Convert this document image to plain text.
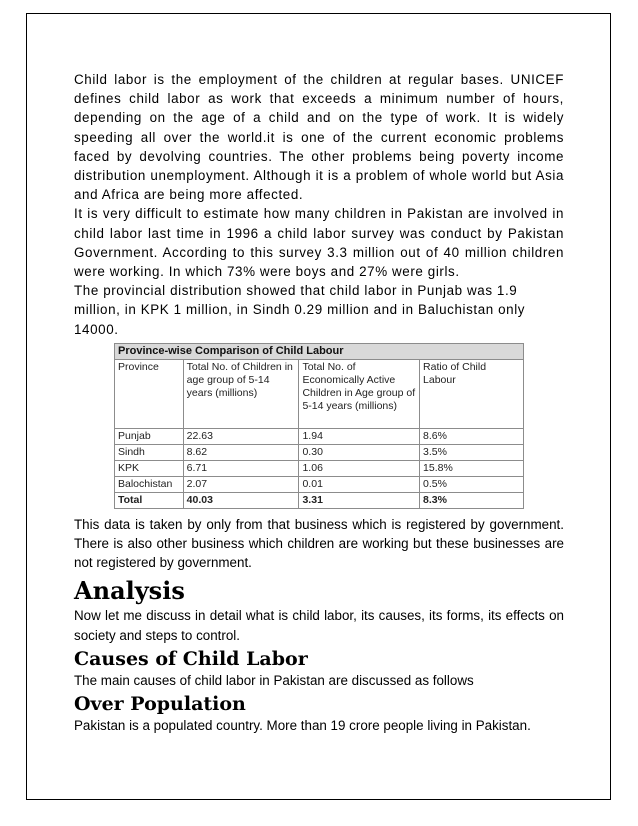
Child labor is the employment of the children at regular bases. UNICEF defines child labor as work that exceeds a minimum number of hours, depending on the age of a child and on the type of work. It is widely speeding all over the world.it is one of the current economic problems faced by devolving countries. The other problems being poverty income distribution unemployment. Although it is a problem of whole world but Asia and Africa are being more affected.

It is very difficult to estimate how many children in Pakistan are involved in child labor last time in 1996 a child labor survey was conduct by Pakistan Government. According to this survey 3.3 million out of 40 million children were working. In which 73% were boys and 27% were girls.

The provincial distribution showed that child labor in Punjab was 1.9 million, in KPK 1 million, in Sindh 0.29 million and in Baluchistan only
14000.

Province-wise Comparison of Child Labour			
Province	Total No. of Children in age group of 5-14 years (millions)	Total No. of Economically Active Children in Age group of 5-14 years (millions)	Ratio of Child Labour
Punjab	22.63	1.94	8.6%
Sindh	8.62	0.30	3.5%
KPK	6.71	1.06	15.8%
Balochistan	2.07	0.01	0.5%
Total	40.03	3.31	8.3%

This data is taken by only from that business which is registered by government. There is also other business which children are working but these businesses are not registered by government.

Analysis

Now let me discuss in detail what is child labor, its causes, its forms, its effects on society and steps to control.

Causes of Child Labor

The main causes of child labor in Pakistan are discussed as follows

Over Population

Pakistan is a populated country. More than 19 crore people living in Pakistan.
